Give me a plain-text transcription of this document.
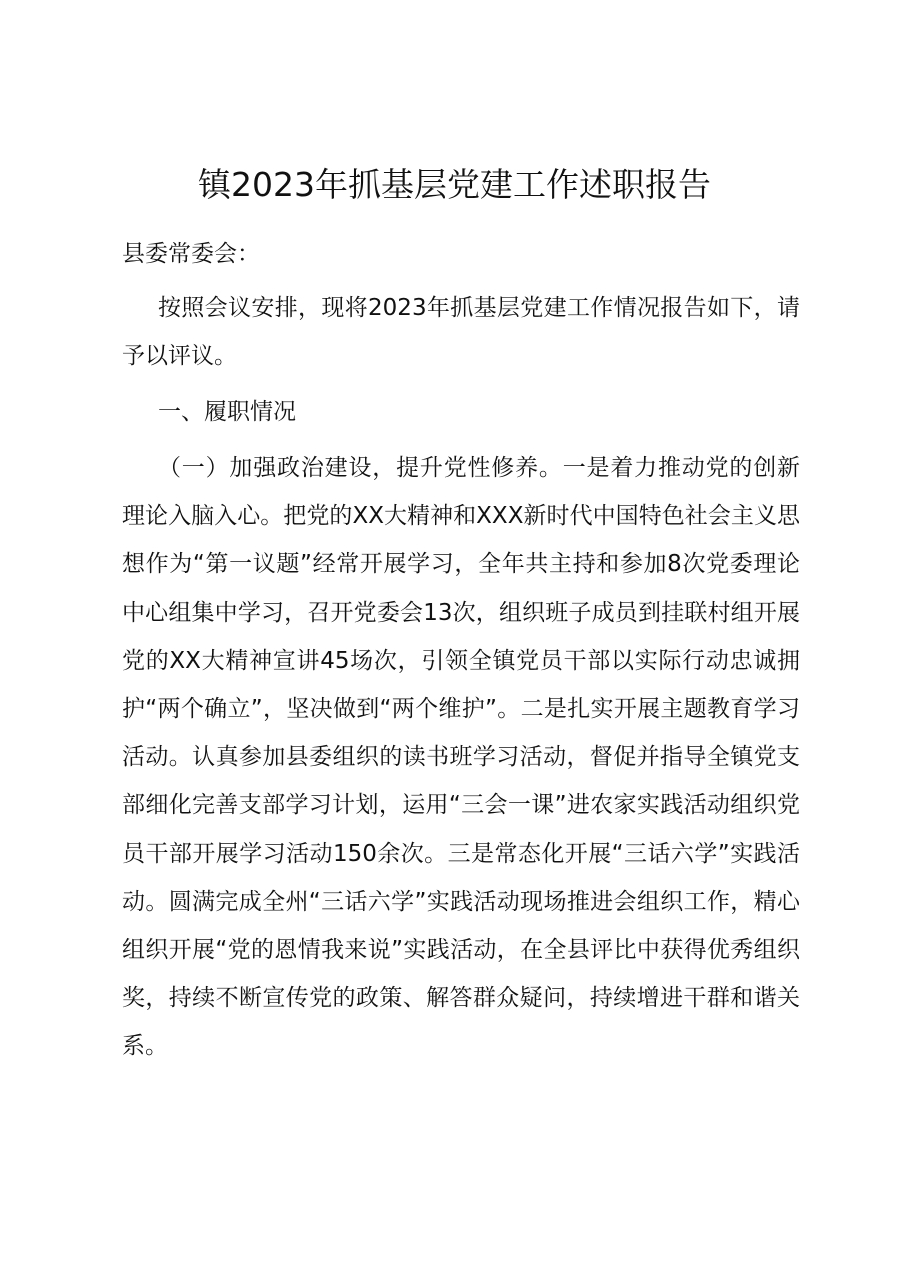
镇2023年抓基层党建工作述职报告

县委常委会：

按照会议安排，现将2023年抓基层党建工作情况报告如下，请予以评议。

一、履职情况

（一）加强政治建设，提升党性修养。一是着力推动党的创新理论入脑入心。把党的XX大精神和XXX新时代中国特色社会主义思想作为“第一议题”经常开展学习，全年共主持和参加8次党委理论中心组集中学习，召开党委会13次，组织班子成员到挂联村组开展党的XX大精神宣讲45场次，引领全镇党员干部以实际行动忠诚拥护“两个确立”，坚决做到“两个维护”。二是扎实开展主题教育学习活动。认真参加县委组织的读书班学习活动，督促并指导全镇党支部细化完善支部学习计划，运用“三会一课”进农家实践活动组织党员干部开展学习活动150余次。三是常态化开展“三话六学”实践活动。圆满完成全州“三话六学”实践活动现场推进会组织工作，精心组织开展“党的恩情我来说”实践活动，在全县评比中获得优秀组织奖，持续不断宣传党的政策、解答群众疑问，持续增进干群和谐关系。
